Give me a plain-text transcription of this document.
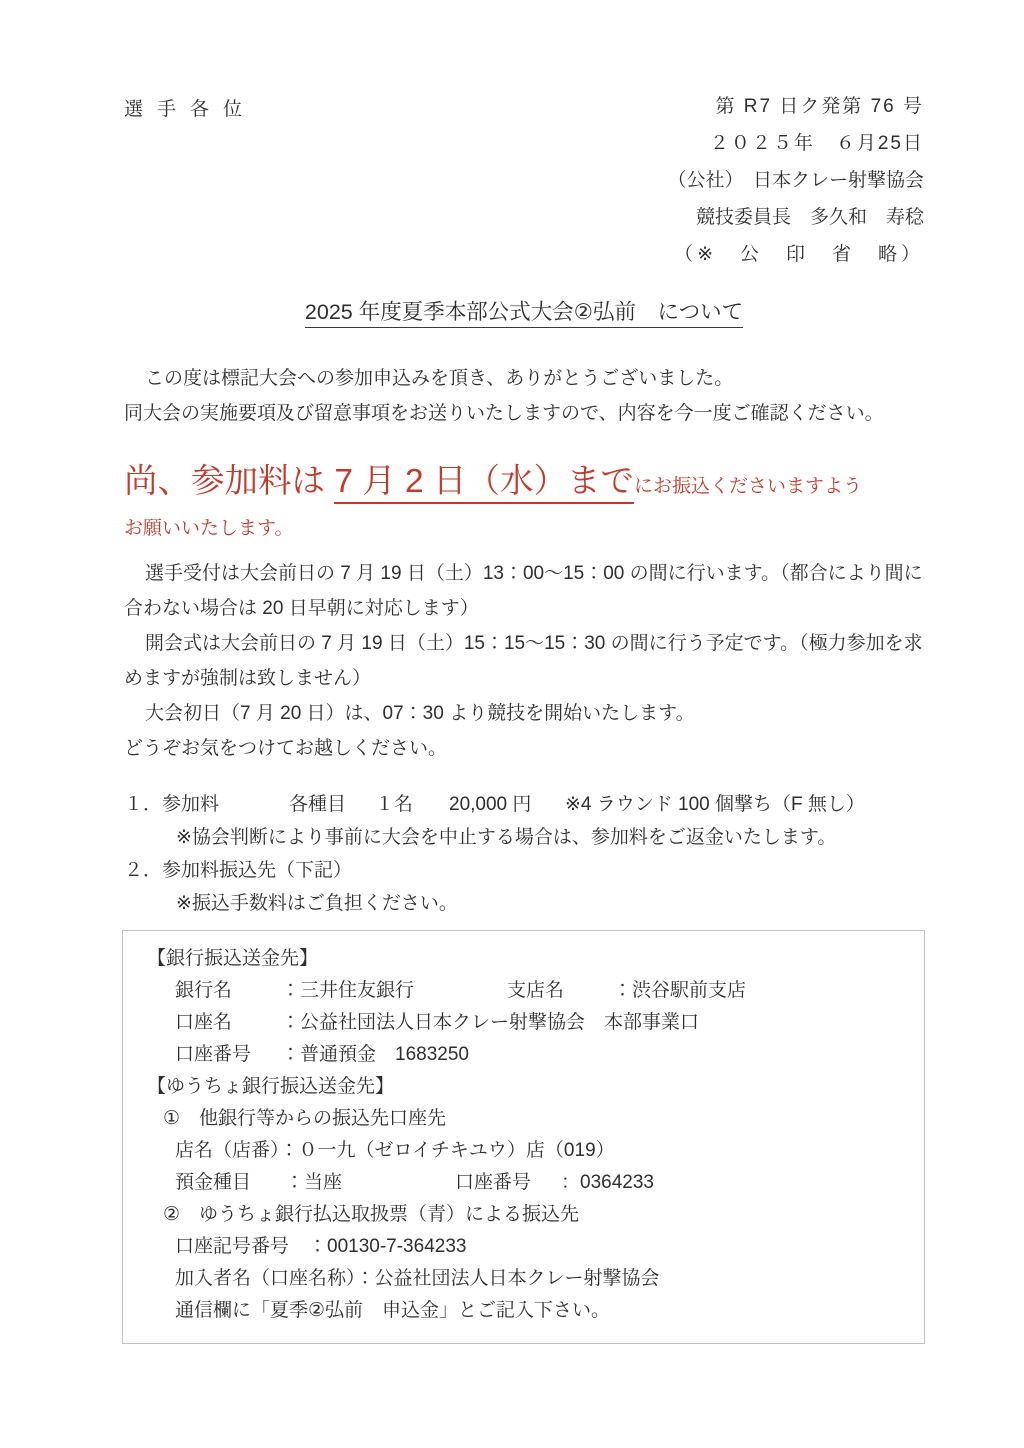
選手各位	第 R7 日ク発第 76 号
２０２５年　６月25日
（公社）　日本クレー射撃協会
競技委員長　多久和　寿稔
（※　公　印　省　略）
2025 年度夏季本部公式大会②弘前　について

この度は標記大会への参加申込みを頂き、ありがとうございました。

同大会の実施要項及び留意事項をお送りいたしますので、内容を今一度ご確認ください。

尚、参加料は 7 月 2 日（水）までにお振込くださいますよう

お願いいたします。

選手受付は大会前日の 7 月 19 日（土）13：00～15：00 の間に行います。（都合により間に合わない場合は 20 日早朝に対応します）

開会式は大会前日の 7 月 19 日（土）15：15～15：30 の間に行う予定です。（極力参加を求めますが強制は致しません）

大会初日（7 月 20 日）は、07：30 より競技を開始いたします。

どうぞお気をつけてお越しください。

１．参加料	各種目 １名 20,000 円 ※4 ラウンド 100 個撃ち（F 無し）
※協会判断により事前に大会を中止する場合は、参加料をご返金いたします。
２．参加料振込先（下記）
※振込手数料はご負担ください。
【銀行振込送金先】
銀行名	：三井住友銀行	支店名	：渋谷駅前支店
口座名	：公益社団法人日本クレー射撃協会　本部事業口
口座番号 ：普通預金　1683250
【ゆうちょ銀行振込送金先】
①　他銀行等からの振込先口座先
店名（店番）：０一九（ゼロイチキユウ）店（019）
預金種目 ：当座	口座番号 ：0364233
②　ゆうちょ銀行払込取扱票（青）による振込先
口座記号番号　：00130-7-364233
加入者名（口座名称）：公益社団法人日本クレー射撃協会
通信欄に「夏季②弘前　申込金」とご記入下さい。
